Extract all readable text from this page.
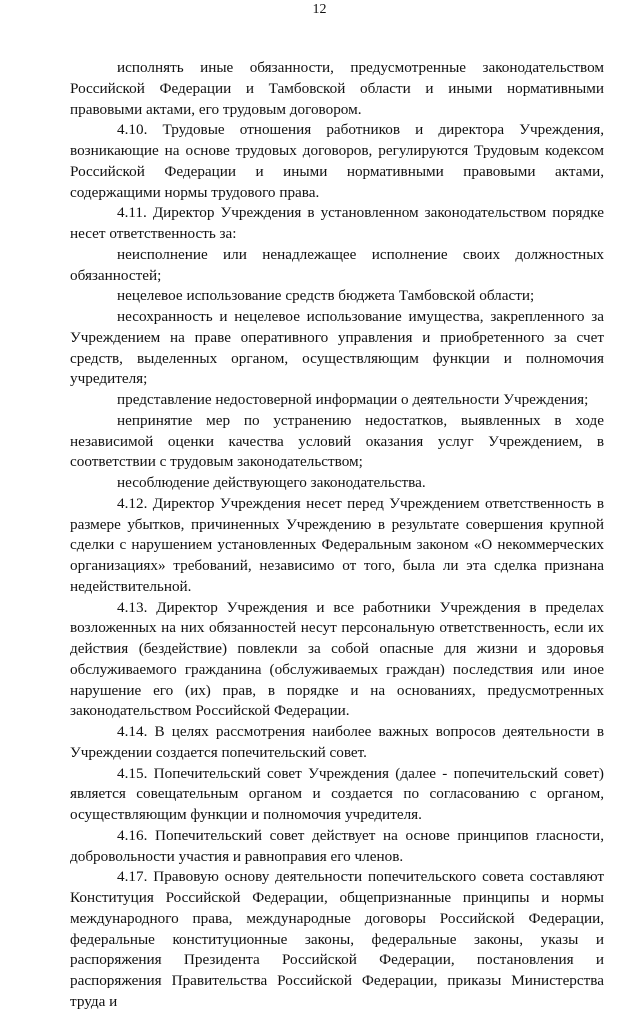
12

исполнять иные обязанности, предусмотренные законодательством Российской Федерации и Тамбовской области и иными нормативными правовыми актами, его трудовым договором.

4.10. Трудовые отношения работников и директора Учреждения, возникающие на основе трудовых договоров, регулируются Трудовым кодексом Российской Федерации и иными нормативными правовыми актами, содержащими нормы трудового права.

4.11. Директор Учреждения в установленном законодательством порядке несет ответственность за:

неисполнение или ненадлежащее исполнение своих должностных обязанностей;

нецелевое использование средств бюджета Тамбовской области;

несохранность и нецелевое использование имущества, закрепленного за Учреждением на праве оперативного управления и приобретенного за счет средств, выделенных органом, осуществляющим функции и полномочия учредителя;

представление недостоверной информации о деятельности Учреждения;

непринятие мер по устранению недостатков, выявленных в ходе независимой оценки качества условий оказания услуг Учреждением, в соответствии с трудовым законодательством;

несоблюдение действующего законодательства.

4.12. Директор Учреждения несет перед Учреждением ответственность в размере убытков, причиненных Учреждению в результате совершения крупной сделки с нарушением установленных Федеральным законом «О некоммерческих организациях» требований, независимо от того, была ли эта сделка признана недействительной.

4.13. Директор Учреждения и все работники Учреждения в пределах возложенных на них обязанностей несут персональную ответственность, если их действия (бездействие) повлекли за собой опасные для жизни и здоровья обслуживаемого гражданина (обслуживаемых граждан) последствия или иное нарушение его (их) прав, в порядке и на основаниях, предусмотренных законодательством Российской Федерации.

4.14. В целях рассмотрения наиболее важных вопросов деятельности в Учреждении создается попечительский совет.

4.15. Попечительский совет Учреждения (далее - попечительский совет) является совещательным органом и создается по согласованию с органом, осуществляющим функции и полномочия учредителя.

4.16. Попечительский совет действует на основе принципов гласности, добровольности участия и равноправия его членов.

4.17. Правовую основу деятельности попечительского совета составляют Конституция Российской Федерации, общепризнанные принципы и нормы международного права, международные договоры Российской Федерации, федеральные конституционные законы, федеральные законы, указы и распоряжения Президента Российской Федерации, постановления и распоряжения Правительства Российской Федерации, приказы Министерства труда и
